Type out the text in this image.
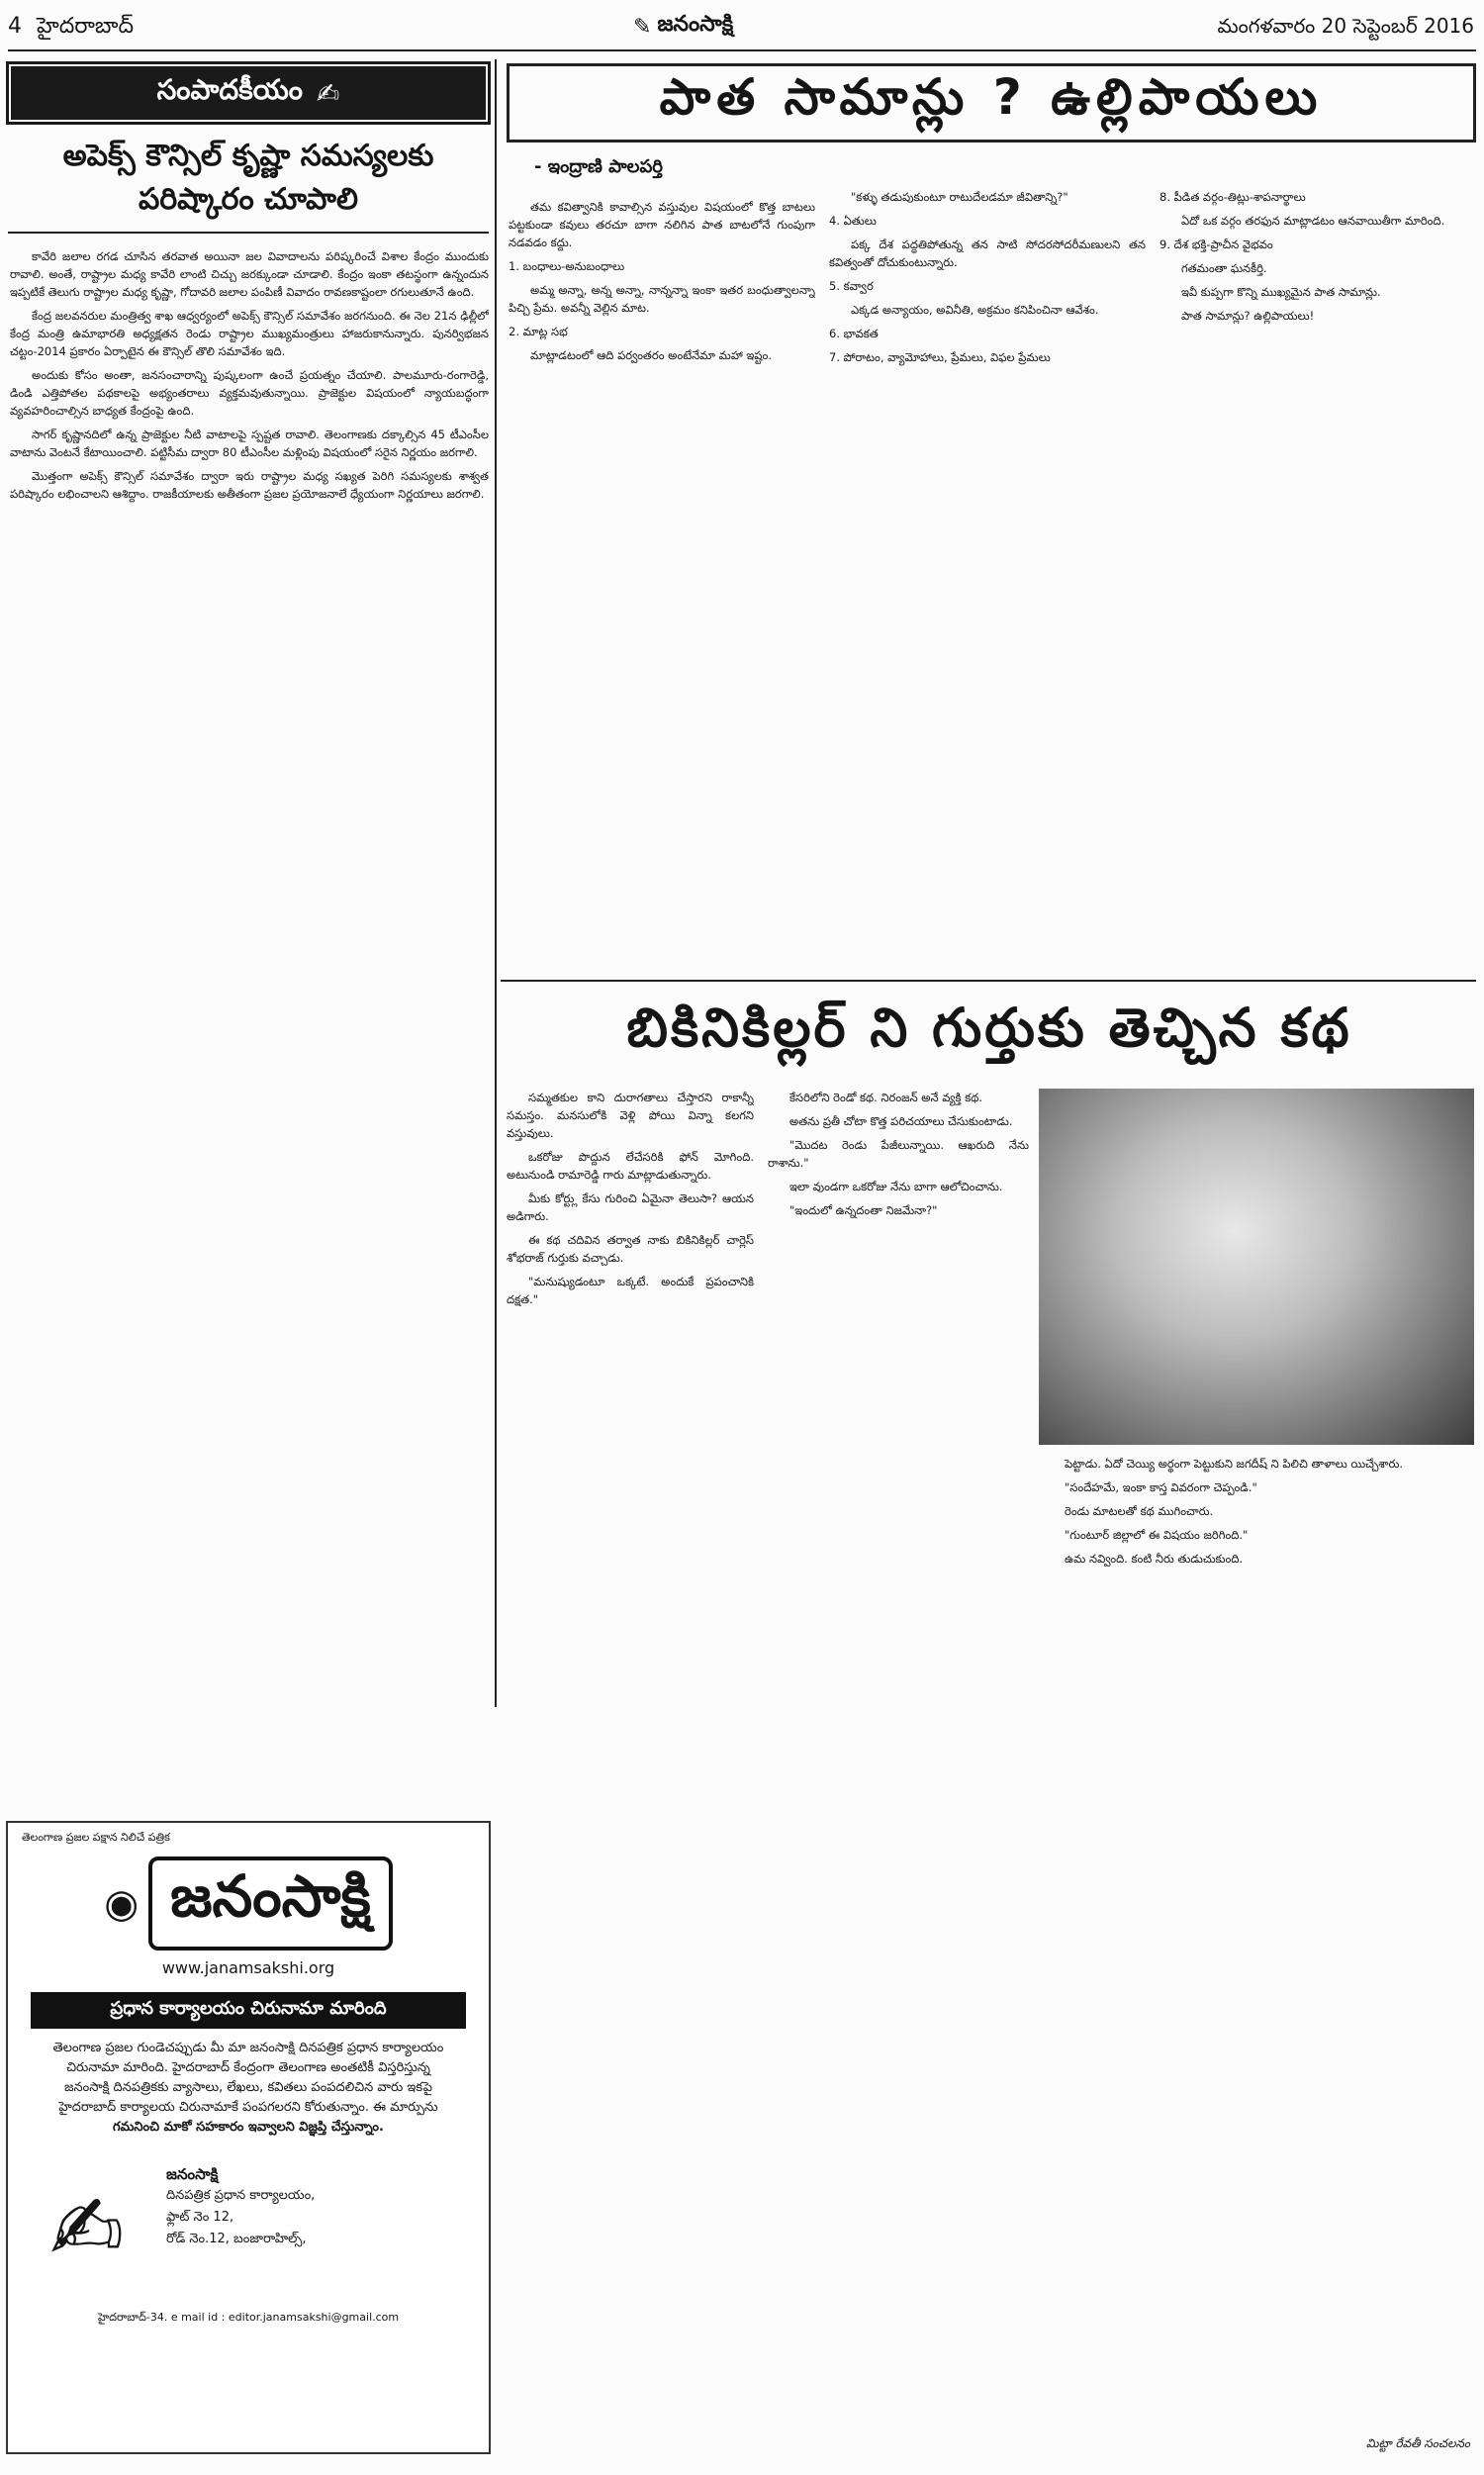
4 హైదరాబాద్	✎ జనంసాక్షి	మంగళవారం 20 సెప్టెంబర్ 2016
సంపాదకీయం ✍
అపెక్స్ కౌన్సిల్ కృష్ణా సమస్యలకు పరిష్కారం చూపాలి

కావేరి జలాల రగడ చూసిన తరవాత అయినా జల వివాదాలను పరిష్కరించే విశాల కేంద్రం ముందుకు రావాలి. అంతే, రాష్ట్రాల మధ్య కావేరి లాంటి చిచ్చు జరక్కుండా చూడాలి. కేంద్రం ఇంకా తటస్థంగా ఉన్నందున ఇప్పటికే తెలుగు రాష్ట్రాల మధ్య కృష్ణా, గోదావరి జలాల పంపిణీ వివాదం రావణకాష్టంలా రగులుతూనే ఉంది.

కేంద్ర జలవనరుల మంత్రిత్వ శాఖ ఆధ్వర్యంలో అపెక్స్ కౌన్సిల్ సమావేశం జరగనుంది. ఈ నెల 21న ఢిల్లీలో కేంద్ర మంత్రి ఉమాభారతి అధ్యక్షతన రెండు రాష్ట్రాల ముఖ్యమంత్రులు హాజరుకానున్నారు. పునర్విభజన చట్టం-2014 ప్రకారం ఏర్పాటైన ఈ కౌన్సిల్ తొలి సమావేశం ఇది.

అందుకు కోసం అంతా, జనసంచారాన్ని పుష్కలంగా ఉంచే ప్రయత్నం చేయాలి. పాలమూరు-రంగారెడ్డి, డిండి ఎత్తిపోతల పథకాలపై అభ్యంతరాలు వ్యక్తమవుతున్నాయి. ప్రాజెక్టుల విషయంలో న్యాయబద్ధంగా వ్యవహరించాల్సిన బాధ్యత కేంద్రంపై ఉంది.

సాగర్ కృష్ణానదిలో ఉన్న ప్రాజెక్టుల నీటి వాటాలపై స్పష్టత రావాలి. తెలంగాణకు దక్కాల్సిన 45 టీఎంసీల వాటాను వెంటనే కేటాయించాలి. పట్టిసీమ ద్వారా 80 టీఎంసీల మళ్లింపు విషయంలో సరైన నిర్ణయం జరగాలి.

మొత్తంగా అపెక్స్ కౌన్సిల్ సమావేశం ద్వారా ఇరు రాష్ట్రాల మధ్య సఖ్యత పెరిగి సమస్యలకు శాశ్వత పరిష్కారం లభించాలని ఆశిద్దాం. రాజకీయాలకు అతీతంగా ప్రజల ప్రయోజనాలే ధ్యేయంగా నిర్ణయాలు జరగాలి.

పాత సామాన్లు ? ఉల్లిపాయలు
- ఇంద్రాణి పాలపర్తి

తమ కవిత్వానికి కావాల్సిన వస్తువుల విషయంలో కొత్త బాటలు పట్టకుండా కవులు తరచూ బాగా నలిగిన పాత బాటలోనే గుంపుగా నడవడం కద్దు.

1. బంధాలు-అనుబంధాలు

అమ్మ అన్నా, అన్న అన్నా, నాన్నన్నా ఇంకా ఇతర బంధుత్వాలన్నా పిచ్చి ప్రేమ. అవన్నీ వెల్లిన మాట.

2. మాట్ల సభ

మాట్లాడటంలో ఆది పర్వంతరం అంటేనేమా మహా ఇష్టం.

"కళ్ళు తడుపుకుంటూ రాటుదేలడమా జీవితాన్ని?"

4. ఏతులు

పక్క దేశ పద్ధతిపోతున్న తన సాటి సోదరసోదరీమణులని తన కవిత్వంతో దోచుకుంటున్నారు.

5. కవ్వార

ఎక్కడ అన్యాయం, అవినీతి, అక్రమం కనిపించినా ఆవేశం.

6. భావకత

7. పోరాటం, వ్యామోహాలు, ప్రేమలు, విఫల ప్రేమలు

8. పీడిత వర్గం-తిట్లు-శాపనార్థాలు

ఏదో ఒక వర్గం తరఫున మాట్లాడటం ఆనవాయితీగా మారింది.

9. దేశ భక్తి-ప్రాచీన వైభవం

గతమంతా ఘనకీర్తి.

ఇవీ కుప్పగా కొన్ని ముఖ్యమైన పాత సామాన్లు.

పాత సామాన్లు? ఉల్లిపాయలు!

బికినికిల్లర్ ని గుర్తుకు తెచ్చిన కథ

సమ్మతకుల కాని దురాగతాలు చేస్తారని రాకాన్నీ సమస్తం. మనసులోకి వెళ్లి పోయి విన్నా కలగని వస్తువులు.

ఒకరోజు పొద్దున లేచేసరికి ఫోన్ మోగింది. అటునుండి రామారెడ్డి గారు మాట్లాడుతున్నారు.

మీకు కోర్ట్లు కేసు గురించి ఏమైనా తెలుసా? ఆయన అడిగారు.

ఈ కథ చదివిన తర్వాత నాకు బికినికిల్లర్ చార్లెస్ శోభరాజ్ గుర్తుకు వచ్చాడు.

"మనుష్యుడంటూ ఒక్కటే. అందుకే ప్రపంచానికి దక్షత."

కేసరిలోని రెండో కథ. నిరంజన్ అనే వ్యక్తి కథ.

అతను ప్రతీ చోటా కొత్త పరిచయాలు చేసుకుంటాడు.

"మొదట రెండు పేజీలున్నాయి. ఆఖరుది నేను రాశాను."

ఇలా వుండగా ఒకరోజు నేను బాగా ఆలోచించాను.

"ఇందులో ఉన్నదంతా నిజమేనా?"

పెట్టాడు. ఏదో చెయ్యి అర్థంగా పెట్టుకుని జగదీష్ ని పిలిచి తాళాలు యిచ్చేశారు.

"సందేహమే, ఇంకా కాస్త వివరంగా చెప్పండి."

రెండు మాటలతో కథ ముగించారు.

"గుంటూర్ జిల్లాలో ఈ విషయం జరిగింది."

ఉమ నవ్వింది. కంటి నీరు తుడుచుకుంది.

మిట్టా రేవతీ సంచలనం
తెలంగాణ ప్రజల పక్షాన నిలిచే పత్రిక
◉ జనంసాక్షి
www.janamsakshi.org
ప్రధాన కార్యాలయం చిరునామా మారింది
తెలంగాణ ప్రజల గుండెచప్పుడు మీ మా జనంసాక్షి దినపత్రిక ప్రధాన కార్యాలయం
చిరునామా మారింది. హైదరాబాద్ కేంద్రంగా తెలంగాణ అంతటికీ విస్తరిస్తున్న
జనంసాక్షి దినపత్రికకు వ్యాసాలు, లేఖలు, కవితలు పంపదలిచిన వారు ఇకపై
హైదరాబాద్ కార్యాలయ చిరునామాకే పంపగలరని కోరుతున్నాం. ఈ మార్పును
గమనించి మాకో సహకారం ఇవ్వాలని విజ్ఞప్తి చేస్తున్నాం.
✍
జనంసాక్షి
దినపత్రిక ప్రధాన కార్యాలయం,
ఫ్లాట్ నెం 12,
రోడ్ నెం.12, బంజారాహిల్స్,
హైదరాబాద్-34. e mail id : editor.janamsakshi@gmail.com
